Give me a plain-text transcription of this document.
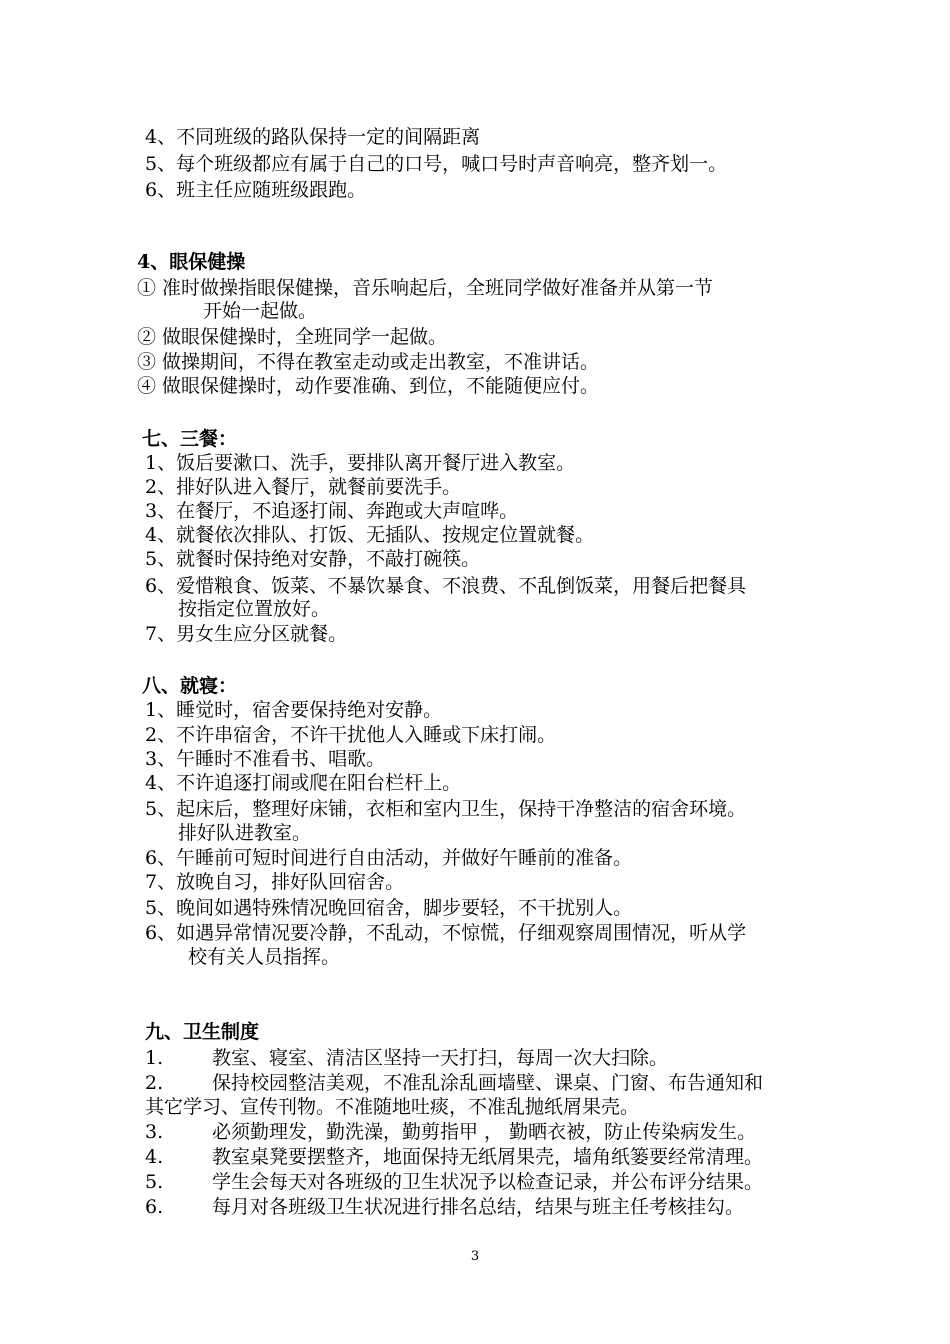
4、不同班级的路队保持一定的间隔距离
5、每个班级都应有属于自己的口号，喊口号时声音响亮，整齐划一。
6、班主任应随班级跟跑。
4、眼保健操
① 准时做操指眼保健操，音乐响起后，全班同学做好准备并从第一节
开始一起做。
② 做眼保健操时，全班同学一起做。
③ 做操期间，不得在教室走动或走出教室，不准讲话。
④ 做眼保健操时，动作要准确、到位，不能随便应付。
七、三餐：
1、饭后要漱口、洗手，要排队离开餐厅进入教室。
2、排好队进入餐厅，就餐前要洗手。
3、在餐厅，不追逐打闹、奔跑或大声喧哗。
4、就餐依次排队、打饭、无插队、按规定位置就餐。
5、就餐时保持绝对安静，不敲打碗筷。
6、爱惜粮食、饭菜、不暴饮暴食、不浪费、不乱倒饭菜，用餐后把餐具
按指定位置放好。
7、男女生应分区就餐。
八、就寝：
1、睡觉时，宿舍要保持绝对安静。
2、不许串宿舍，不许干扰他人入睡或下床打闹。
3、午睡时不准看书、唱歌。
4、不许追逐打闹或爬在阳台栏杆上。
5、起床后，整理好床铺，衣柜和室内卫生，保持干净整洁的宿舍环境。
排好队进教室。
6、午睡前可短时间进行自由活动，并做好午睡前的准备。
7、放晚自习，排好队回宿舍。
5、晚间如遇特殊情况晚回宿舍，脚步要轻，不干扰别人。
6、如遇异常情况要冷静，不乱动，不惊慌，仔细观察周围情况，听从学
校有关人员指挥。
九、卫生制度
1.	教室、寝室、清洁区坚持一天打扫，每周一次大扫除。
2.	保持校园整洁美观，不准乱涂乱画墙壁、课桌、门窗、布告通知和
其它学习、宣传刊物。不准随地吐痰，不准乱抛纸屑果壳。
3.	必须勤理发，勤洗澡，勤剪指甲 ， 勤晒衣被，防止传染病发生。
4.	教室桌凳要摆整齐，地面保持无纸屑果壳，墙角纸篓要经常清理。
5.	学生会每天对各班级的卫生状况予以检查记录，并公布评分结果。
6.	每月对各班级卫生状况进行排名总结，结果与班主任考核挂勾。
3
